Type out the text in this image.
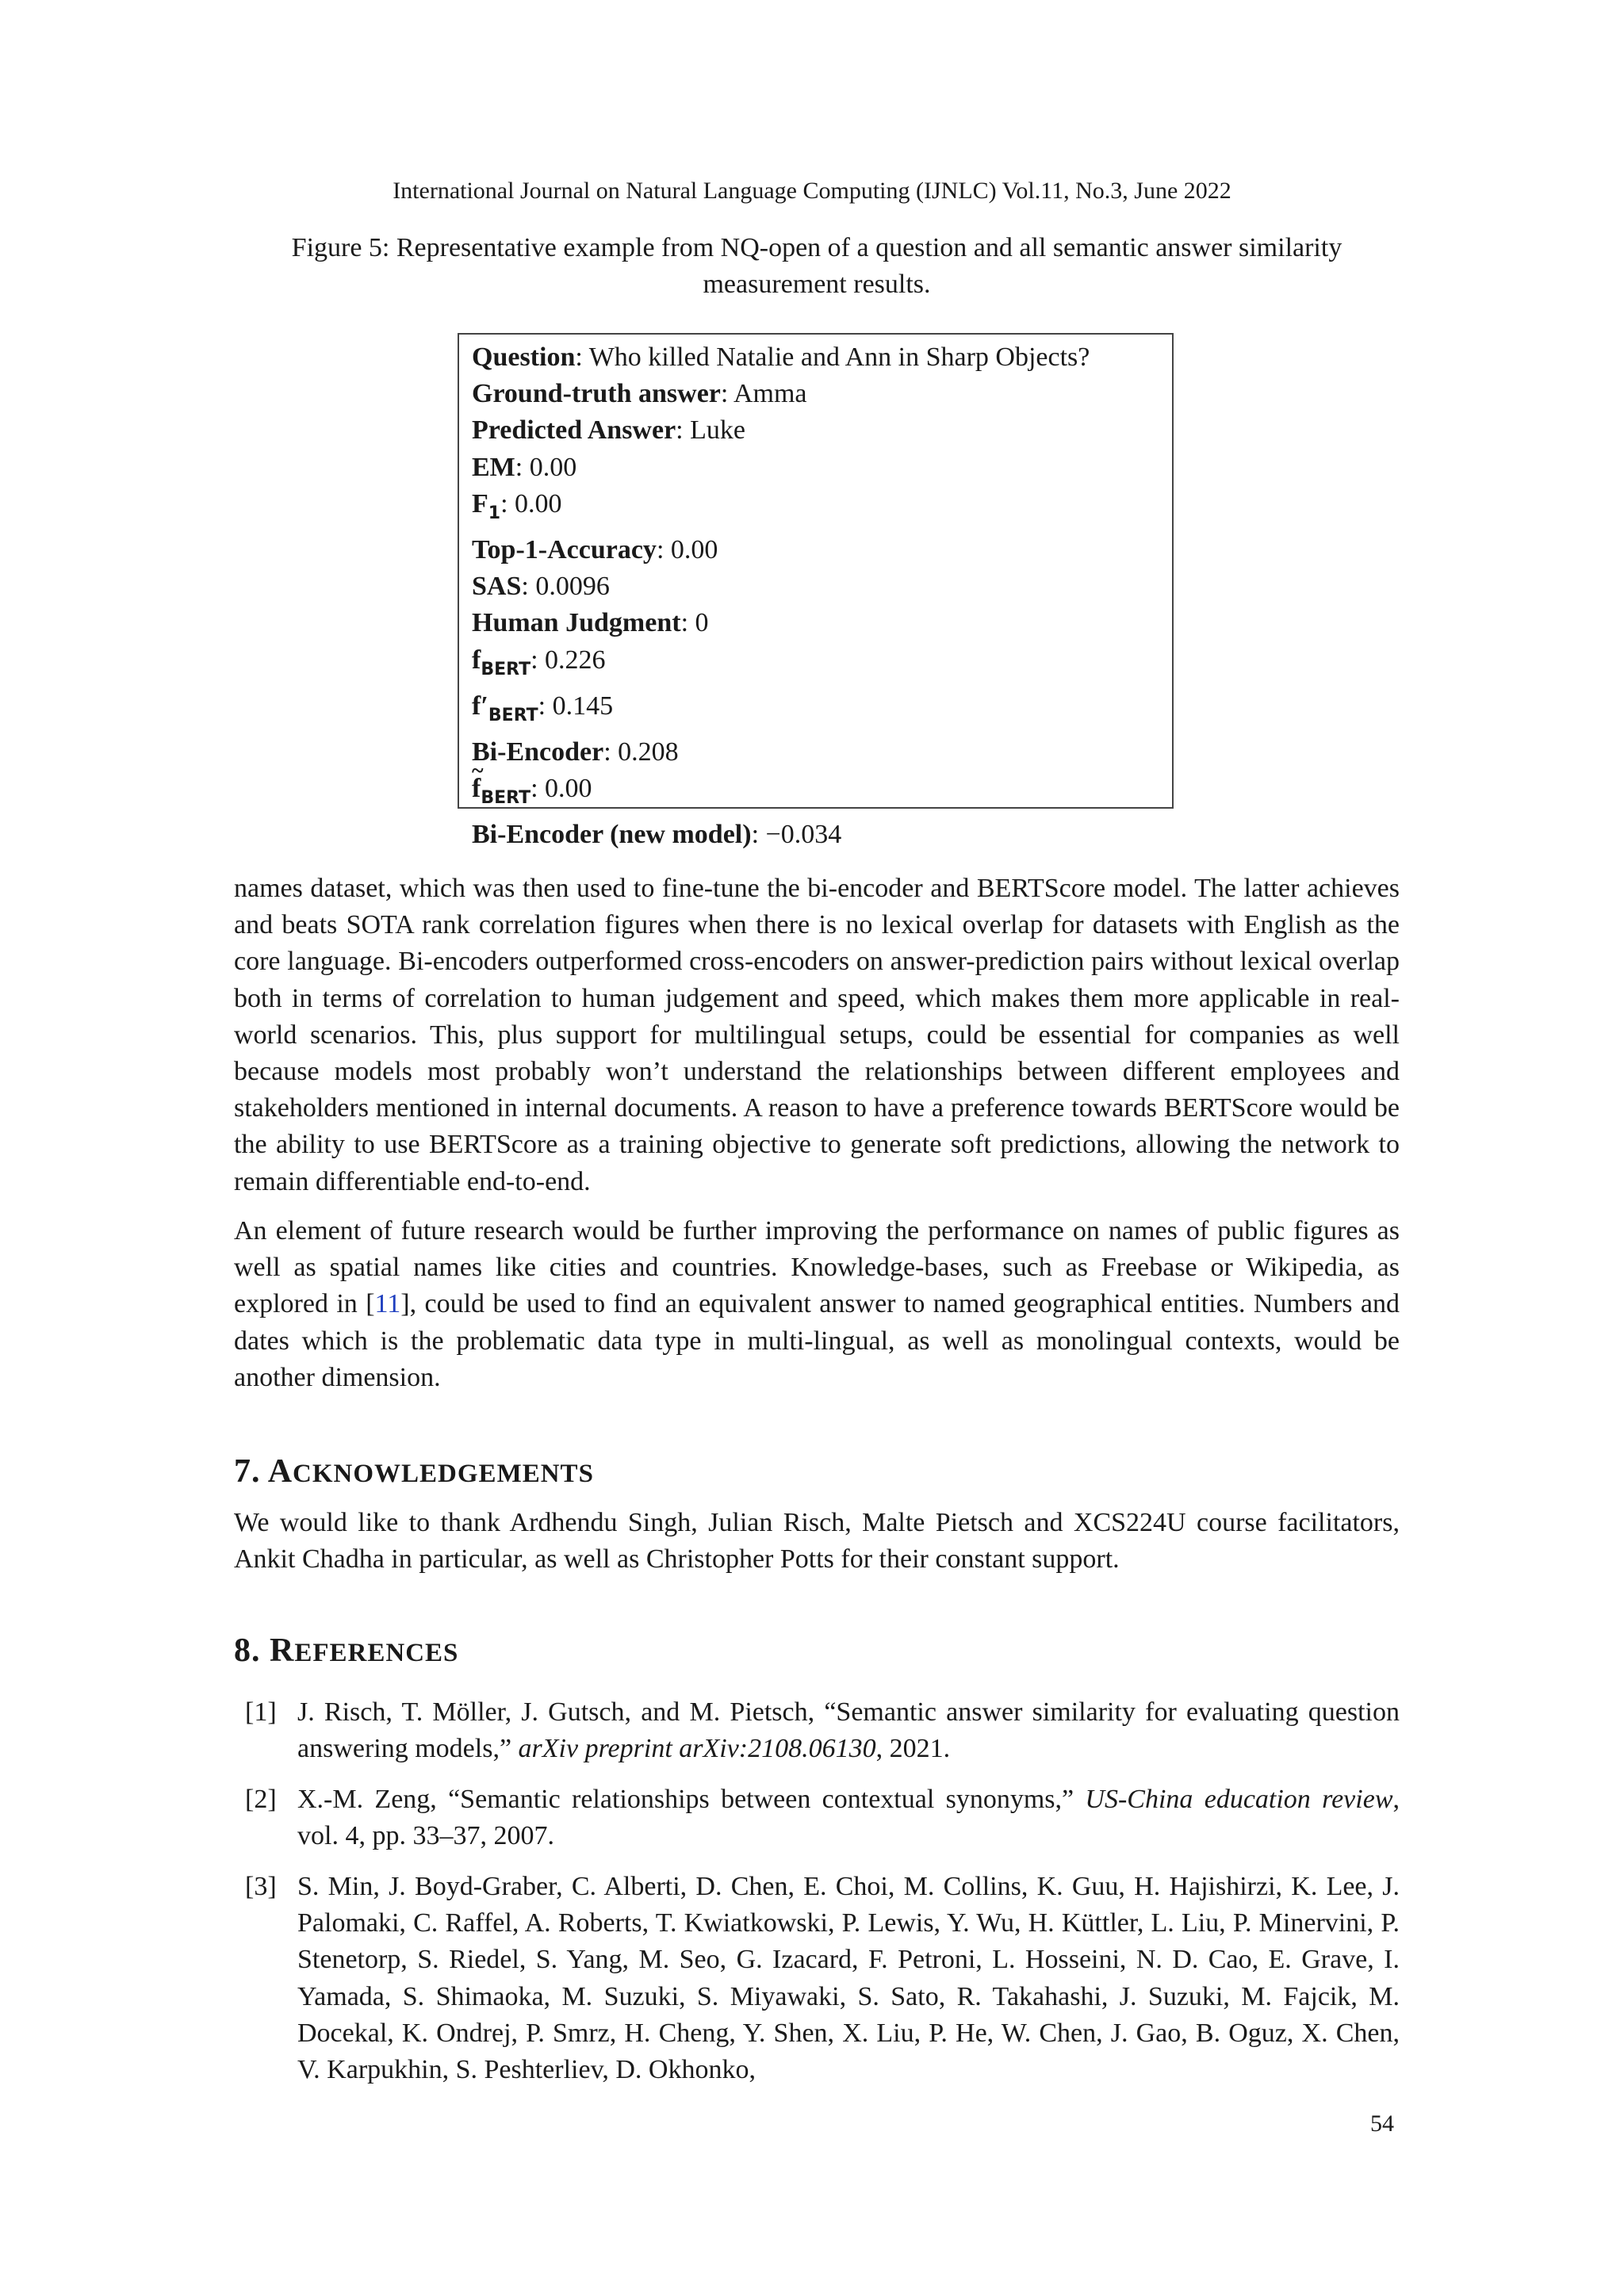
International Journal on Natural Language Computing (IJNLC) Vol.11, No.3, June 2022
Figure 5: Representative example from NQ-open of a question and all semantic answer similarity measurement results.
Question: Who killed Natalie and Ann in Sharp Objects?
Ground-truth answer: Amma
Predicted Answer: Luke
EM: 0.00
$F_1$: 0.00
Top-1-Accuracy: 0.00
SAS: 0.0096
Human Judgment: 0
$f_{BERT}$: 0.226
$f'_{BERT}$: 0.145
Bi-Encoder: 0.208
~ $f_{BERT}$: 0.00
Bi-Encoder (new model): −0.034
names dataset, which was then used to fine-tune the bi-encoder and BERTScore model. The latter achieves and beats SOTA rank correlation figures when there is no lexical overlap for datasets with English as the core language. Bi-encoders outperformed cross-encoders on answer-prediction pairs without lexical overlap both in terms of correlation to human judgement and speed, which makes them more applicable in real-world scenarios. This, plus support for multilingual setups, could be essential for companies as well because models most probably won’t understand the relationships between different employees and stakeholders mentioned in internal documents. A reason to have a preference towards BERTScore would be the ability to use BERTScore as a training objective to generate soft predictions, allowing the network to remain differentiable end-to-end.
An element of future research would be further improving the performance on names of public figures as well as spatial names like cities and countries. Knowledge-bases, such as Freebase or Wikipedia, as explored in [11], could be used to find an equivalent answer to named geographical entities. Numbers and dates which is the problematic data type in multi-lingual, as well as monolingual contexts, would be another dimension.
7. ACKNOWLEDGEMENTS
We would like to thank Ardhendu Singh, Julian Risch, Malte Pietsch and XCS224U course facilitators, Ankit Chadha in particular, as well as Christopher Potts for their constant support.
8. REFERENCES
[1] J. Risch, T. Möller, J. Gutsch, and M. Pietsch, “Semantic answer similarity for evaluating question answering models,” arXiv preprint arXiv:2108.06130, 2021.
[2] X.-M. Zeng, “Semantic relationships between contextual synonyms,” US-China education review, vol. 4, pp. 33–37, 2007.
[3] S. Min, J. Boyd-Graber, C. Alberti, D. Chen, E. Choi, M. Collins, K. Guu, H. Hajishirzi, K. Lee, J. Palomaki, C. Raffel, A. Roberts, T. Kwiatkowski, P. Lewis, Y. Wu, H. Küttler, L. Liu, P. Minervini, P. Stenetorp, S. Riedel, S. Yang, M. Seo, G. Izacard, F. Petroni, L. Hosseini, N. D. Cao, E. Grave, I. Yamada, S. Shimaoka, M. Suzuki, S. Miyawaki, S. Sato, R. Takahashi, J. Suzuki, M. Fajcik, M. Docekal, K. Ondrej, P. Smrz, H. Cheng, Y. Shen, X. Liu, P. He, W. Chen, J. Gao, B. Oguz, X. Chen, V. Karpukhin, S. Peshterliev, D. Okhonko,
54
